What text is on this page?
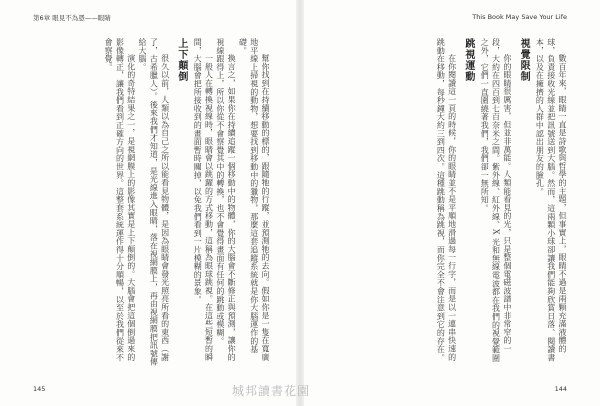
第6章 眼見不為憑——眼睛

幫你找到在持續移動的標的，跟隨牠的行蹤，並預測牠的去向。假如你是一隻在寬廣地平線上掃視的動物，想要找到移動中的獵物，那麼這套追蹤系統就是你大腦運作的基礎。

換言之，如果你在持續追蹤一個移動中的物體，你的大腦會不斷修正與預測，讓你的視線跟得上，所以你從不會察覺其中的轉換，也不會覺得畫面有任何的跳動或模糊。

一般人在轉換視線時，眼睛會以跳躍的方式移動，這稱為眼球跳視。在這些短暫的瞬間，大腦會把所接收到的畫面暫時關掉，以免我們看到一片模糊的景象。

上下顛倒

很久以前，人類以為自己之所以能看見物體，是因為眼睛會發光照亮所看的東西（謝了，古希臘人）。後來我們才知道，是光線進入眼睛，落在視網膜上，再由視網膜把訊號傳給大腦。

演化的奇特結果之一，是視網膜上的影像其實是上下顛倒的。大腦會把這個倒過來的影像轉正，讓我們看到正確方向的世界。這整套系統運作得十分順暢，以至於我們從來不會察覺。

145
This Book May Save Your Life

數百年來，眼睛一直是詩歌與哲學的主題，但事實上，眼睛不過是兩顆充滿液體的球，負責接收光線並把訊號送到大腦。然而，這兩顆小球卻讓我們能夠欣賞日落、閱讀書本，以及在擁擠的人群中認出朋友的臉孔。

視覺限制

你的眼睛很厲害，但並非萬能。人類能看見的光，只是整個電磁波譜中非常窄的一段，大約在四百到七百奈米之間。紫外線、紅外線、X 光和無線電波都在我們的視覺範圍之外，它們一直圍繞著我們，我們卻一無所知。

跳視運動

在你閱讀這一頁的時候，你的眼睛並不是平順地滑過每一行字，而是以一連串快速的跳動在移動，每秒鐘大約三到四次。這種跳動稱為跳視，而你完全不會注意到它的存在。

144
城邦讀書花園
